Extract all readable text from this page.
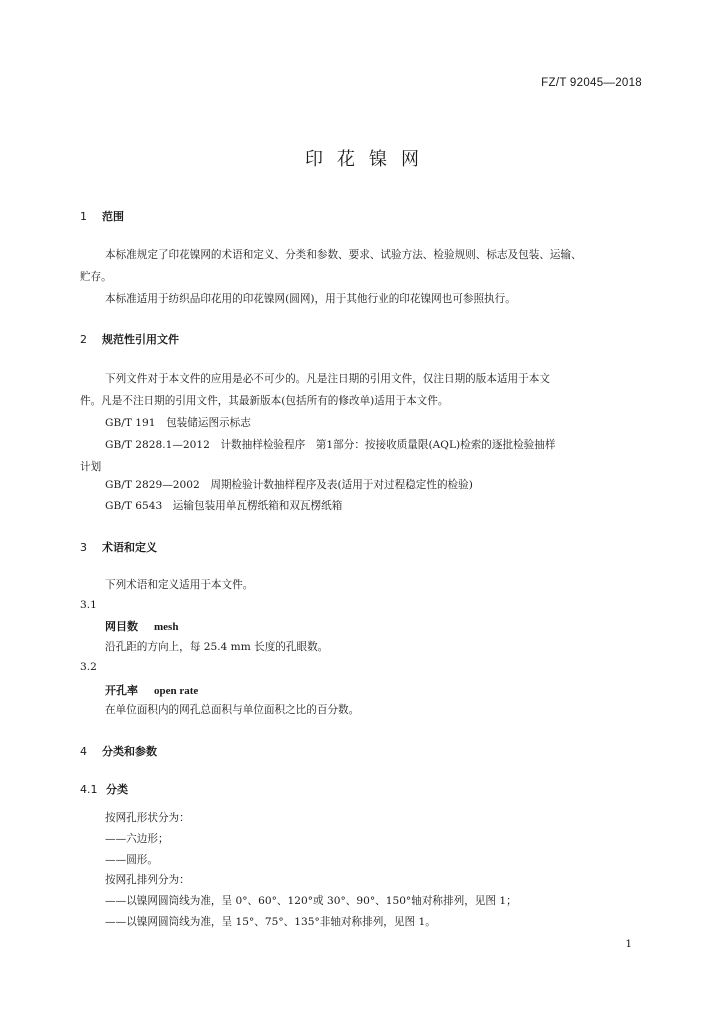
FZ/T 92045—2018
印花镍网
1 范围
本标准规定了印花镍网的术语和定义、分类和参数、要求、试验方法、检验规则、标志及包装、运输、
贮存。
本标准适用于纺织品印花用的印花镍网(圆网)，用于其他行业的印花镍网也可参照执行。
2 规范性引用文件
下列文件对于本文件的应用是必不可少的。凡是注日期的引用文件，仅注日期的版本适用于本文
件。凡是不注日期的引用文件，其最新版本(包括所有的修改单)适用于本文件。
GB/T 191　包装储运图示标志
GB/T 2828.1—2012　计数抽样检验程序　第1部分：按接收质量限(AQL)检索的逐批检验抽样
计划
GB/T 2829—2002　周期检验计数抽样程序及表(适用于对过程稳定性的检验)
GB/T 6543　运输包装用单瓦楞纸箱和双瓦楞纸箱
3 术语和定义
下列术语和定义适用于本文件。
3.1
网目数 mesh
沿孔距的方向上，每 25.4 mm 长度的孔眼数。
3.2
开孔率 open rate
在单位面积内的网孔总面积与单位面积之比的百分数。
4 分类和参数
4.1 分类
按网孔形状分为：
——六边形；
——圆形。
按网孔排列分为：
——以镍网圆筒线为准，呈 0°、60°、120°或 30°、90°、150°轴对称排列，见图 1；
——以镍网圆筒线为准，呈 15°、75°、135°非轴对称排列，见图 1。
1
